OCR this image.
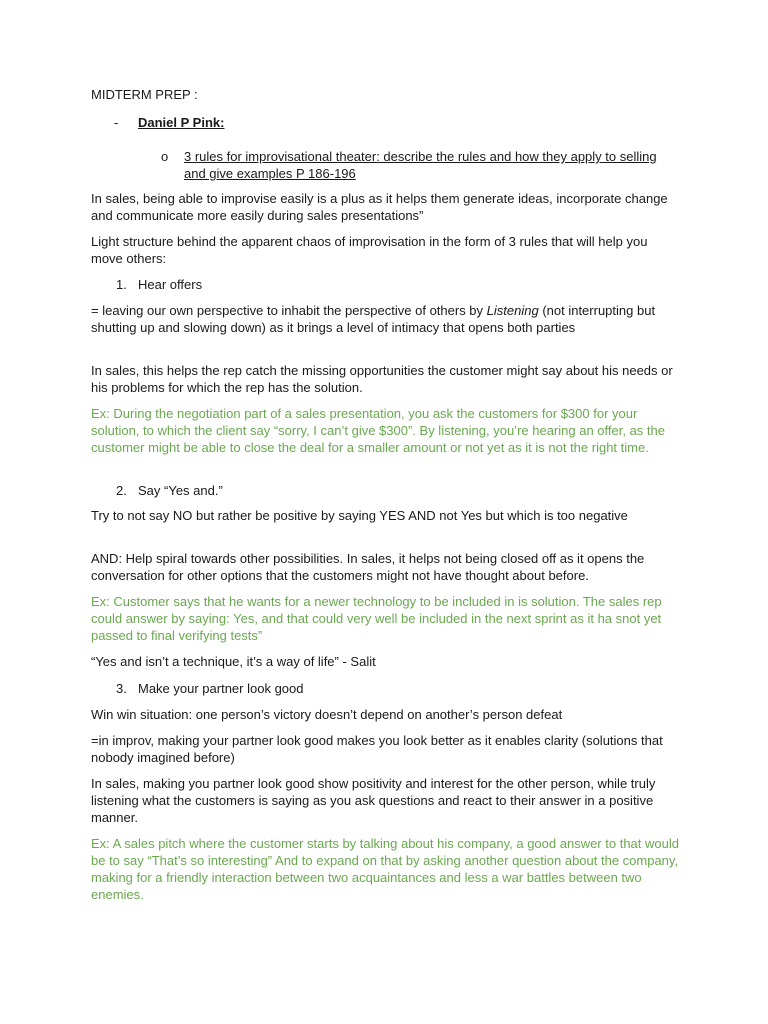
MIDTERM PREP :

- Daniel P Pink:
o 3 rules for improvisational theater: describe the rules and how they apply to selling and give examples P 186-196

In sales, being able to improvise easily is a plus as it helps them generate ideas, incorporate change and communicate more easily during sales presentations”

Light structure behind the apparent chaos of improvisation in the form of 3 rules that will help you move others:

1. Hear offers

= leaving our own perspective to inhabit the perspective of others by Listening (not interrupting but shutting up and slowing down) as it brings a level of intimacy that opens both parties

In sales, this helps the rep catch the missing opportunities the customer might say about his needs or his problems for which the rep has the solution.

Ex: During the negotiation part of a sales presentation, you ask the customers for $300 for your solution, to which the client say “sorry, I can’t give $300”. By listening, you’re hearing an offer, as the customer might be able to close the deal for a smaller amount or not yet as it is not the right time.

2. Say “Yes and.”

Try to not say NO but rather be positive by saying YES AND not Yes but which is too negative

AND: Help spiral towards other possibilities. In sales, it helps not being closed off as it opens the conversation for other options that the customers might not have thought about before.

Ex: Customer says that he wants for a newer technology to be included in is solution. The sales rep could answer by saying: Yes, and that could very well be included in the next sprint as it ha snot yet passed to final verifying tests”

“Yes and isn’t a technique, it’s a way of life” - Salit

3. Make your partner look good

Win win situation: one person’s victory doesn’t depend on another’s person defeat

=in improv, making your partner look good makes you look better as it enables clarity (solutions that nobody imagined before)

In sales, making you partner look good show positivity and interest for the other person, while truly listening what the customers is saying as you ask questions and react to their answer in a positive manner.

Ex: A sales pitch where the customer starts by talking about his company, a good answer to that would be to say “That’s so interesting” And to expand on that by asking another question about the company, making for a friendly interaction between two acquaintances and less a war battles between two enemies.
